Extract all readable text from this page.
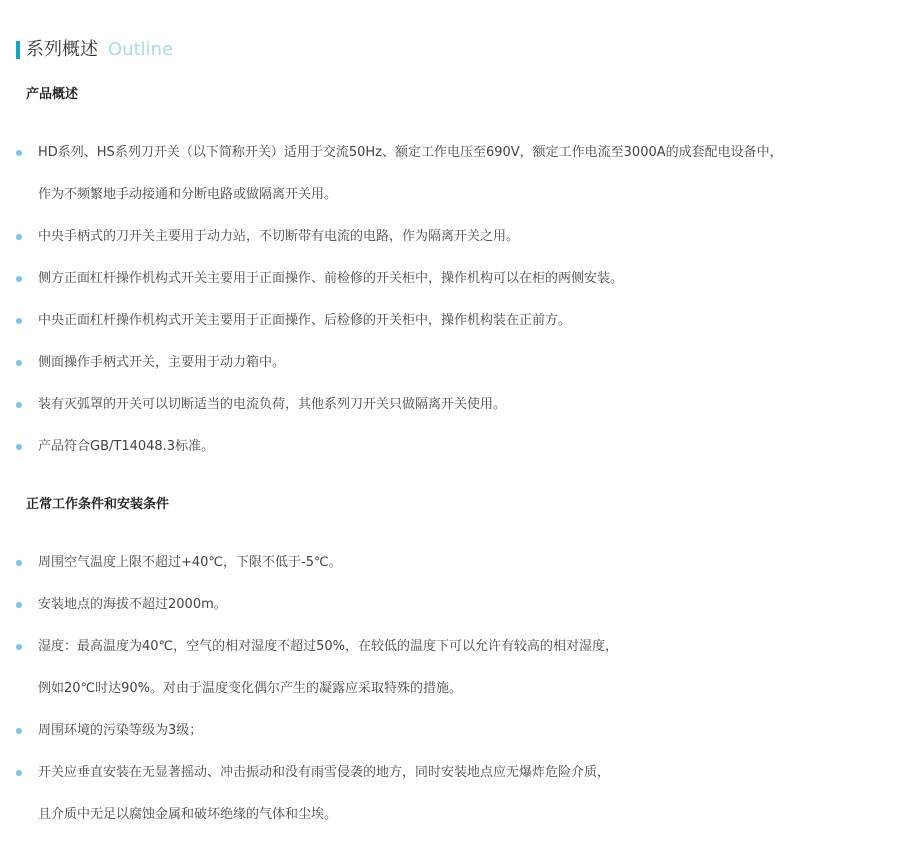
系列概述 Outline
产品概述
HD系列、HS系列刀开关（以下简称开关）适用于交流50Hz、额定工作电压至690V，额定工作电流至3000A的成套配电设备中，
作为不频繁地手动接通和分断电路或做隔离开关用。
中央手柄式的刀开关主要用于动力站，不切断带有电流的电路，作为隔离开关之用。
侧方正面杠杆操作机构式开关主要用于正面操作、前检修的开关柜中，操作机构可以在柜的两侧安装。
中央正面杠杆操作机构式开关主要用于正面操作、后检修的开关柜中，操作机构装在正前方。
侧面操作手柄式开关，主要用于动力箱中。
装有灭弧罩的开关可以切断适当的电流负荷，其他系列刀开关只做隔离开关使用。
产品符合GB/T14048.3标准。
正常工作条件和安装条件
周围空气温度上限不超过+40℃，下限不低于-5℃。
安装地点的海拔不超过2000m。
湿度：最高温度为40℃，空气的相对湿度不超过50%，在较低的温度下可以允许有较高的相对湿度，
例如20℃时达90%。对由于温度变化偶尔产生的凝露应采取特殊的措施。
周围环境的污染等级为3级；
开关应垂直安装在无显著摇动、冲击振动和没有雨雪侵袭的地方，同时安装地点应无爆炸危险介质，
且介质中无足以腐蚀金属和破坏绝缘的气体和尘埃。
